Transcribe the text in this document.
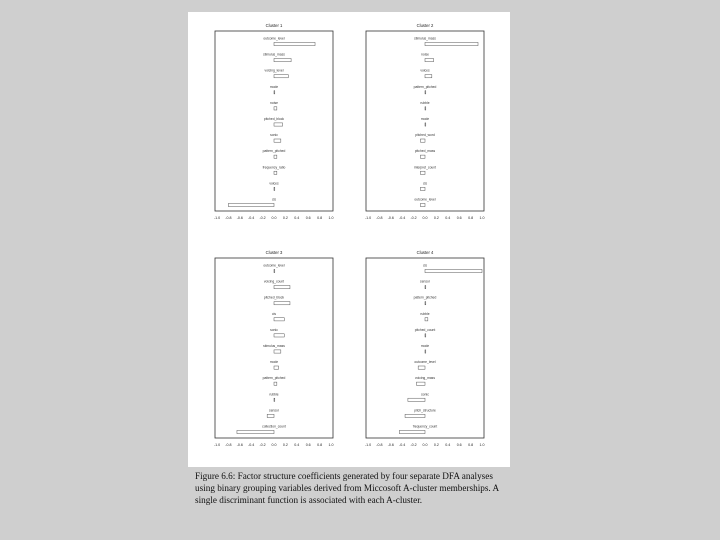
Cluster 1
-1.0 -0.8 -0.6 -0.4 -0.2 0.0 0.2 0.4 0.6 0.8 1.0
outcome_level
stimulus_mass
voicing_level
mode
noise
pitched_block
sonic
pattern_pitched
frequency_ratio
voices
cis
Cluster 2
-1.0 -0.8 -0.6 -0.4 -0.2 0.0 0.2 0.4 0.6 0.8 1.0
stimulus_mass
noise
voices
pattern_pitched
rubble
mode
pitched_word
pitched_mass
interpret_count
cis
outcome_level
Cluster 3
-1.0 -0.8 -0.6 -0.4 -0.2 0.0 0.2 0.4 0.6 0.8 1.0
outcome_level
voicing_count
pitched_block
cis
sonic
stimulus_mass
mode
pattern_pitched
rubble
sensor
collection_count
Cluster 4
-1.0 -0.8 -0.6 -0.4 -0.2 0.0 0.2 0.4 0.6 0.8 1.0
cis
sensor
pattern_pitched
rubble
pitched_count
mode
outcome_level
voicing_mass
sonic
pitch_structure
frequency_count
Figure 6.6: Factor structure coefficients generated by four separate DFA analyses using binary grouping variables derived from Miccosoft A-cluster memberships. A single discriminant function is associated with each A-cluster.
